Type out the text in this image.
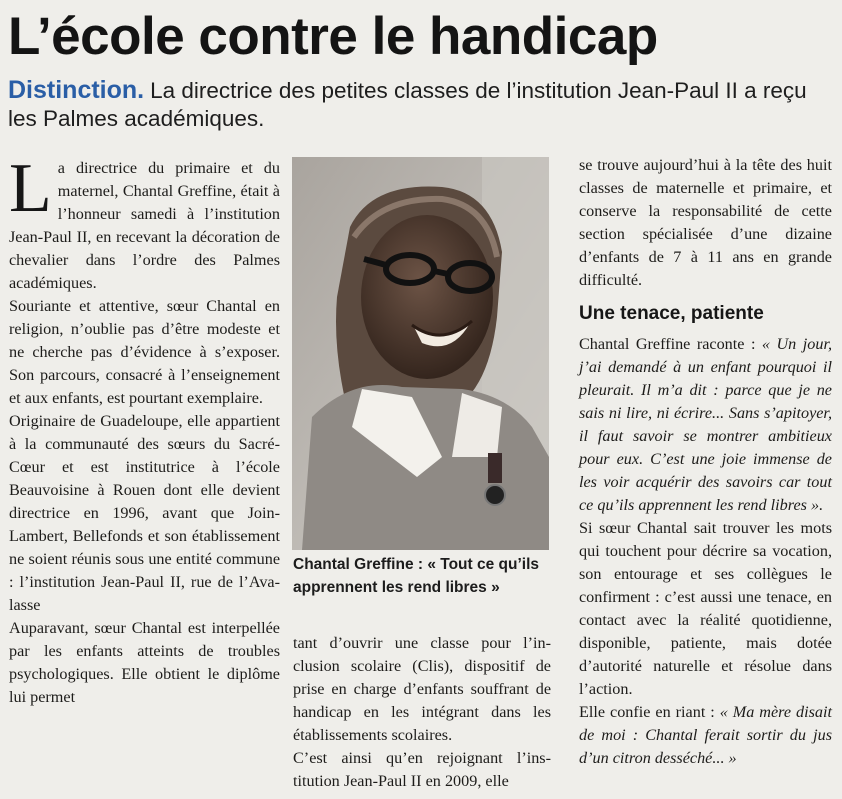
L’école contre le handicap
Distinction. La directrice des petites classes de l’institution Jean-Paul II a reçu les Palmes académiques.

La directrice du primaire et du maternel, Chantal Greffine, était à l’honneur samedi à l’institution Jean-Paul II, en recevant la décoration de chevalier dans l’ordre des Palmes académiques.

Souriante et attentive, sœur Chantal en religion, n’oublie pas d’être modeste et ne cherche pas d’évidence à s’exposer. Son parcours, consacré à l’enseignement et aux enfants, est pourtant exemplaire.

Originaire de Guadeloupe, elle appartient à la communauté des sœurs du Sacré-Cœur et est institutrice à l’école Beauvoisine à Rouen dont elle devient directrice en 1996, avant que Join-Lambert, Bellefonds et son établissement ne soient réunis sous une entité commune : l’institution Jean-Paul II, rue de l’Avalasse

Auparavant, sœur Chantal est interpellée par les enfants atteints de troubles psychologiques. Elle obtient le diplôme lui permet

Chantal Greffine : « Tout ce qu’ils apprennent les rend libres »

tant d’ouvrir une classe pour l’inclusion scolaire (Clis), dispositif de prise en charge d’enfants souffrant de handicap en les intégrant dans les établissements scolaires.

C’est ainsi qu’en rejoignant l’institution Jean-Paul II en 2009, elle

se trouve aujourd’hui à la tête des huit classes de maternelle et primaire, et conserve la responsabilité de cette section spécialisée d’une dizaine d’enfants de 7 à 11 ans en grande difficulté.

Une tenace, patiente

Chantal Greffine raconte : « Un jour, j’ai demandé à un enfant pourquoi il pleurait. Il m’a dit : parce que je ne sais ni lire, ni écrire... Sans s’apitoyer, il faut savoir se montrer ambitieux pour eux. C’est une joie immense de les voir acquérir des savoirs car tout ce qu’ils apprennent les rend libres ».

Si sœur Chantal sait trouver les mots qui touchent pour décrire sa vocation, son entourage et ses collègues le confirment : c’est aussi une tenace, en contact avec la réalité quotidienne, disponible, patiente, mais dotée d’autorité naturelle et résolue dans l’action.

Elle confie en riant : « Ma mère disait de moi : Chantal ferait sortir du jus d’un citron desséché... »
